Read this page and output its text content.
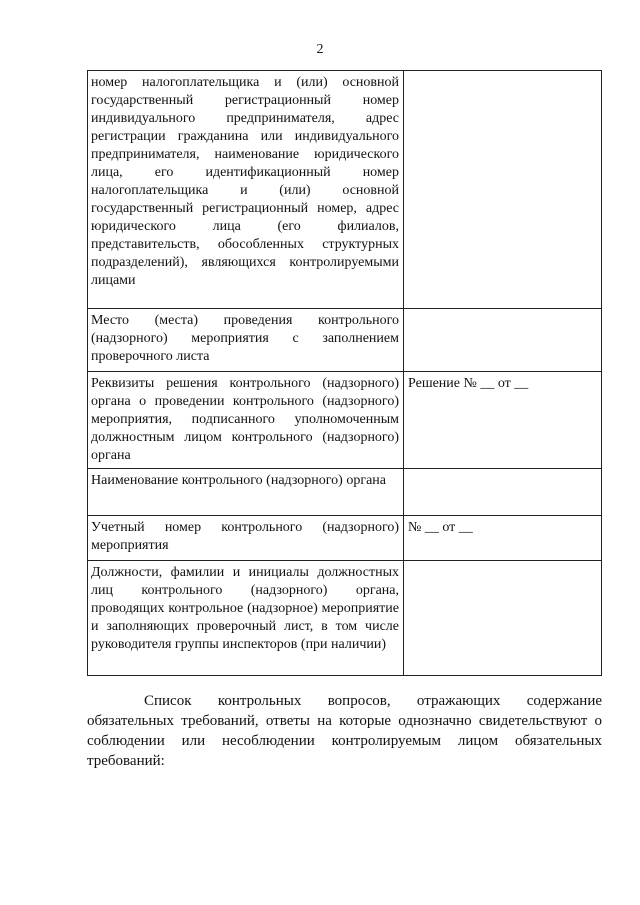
2
номер налогоплательщика и (или) основной государственный регистрационный номер индивидуального предпринимателя, адрес регистрации гражданина или индивидуального предпринимателя, наименование юридического лица, его идентификационный номер налогоплательщика и (или) основной государственный регистрационный номер, адрес юридического лица (его филиалов, представительств, обособленных структурных подразделений), являющихся контролируемыми лицами	
Место (места) проведения контрольного (надзорного) мероприятия с заполнением проверочного листа	
Реквизиты решения контрольного (надзорного) органа о проведении контрольного (надзорного) мероприятия, подписанного уполномоченным должностным лицом контрольного (надзорного) органа	Решение № __ от __
Наименование контрольного (надзорного) органа	
Учетный номер контрольного (надзорного) мероприятия	№ __ от __
Должности, фамилии и инициалы должностных лиц контрольного (надзорного) органа, проводящих контрольное (надзорное) мероприятие и заполняющих проверочный лист, в том числе руководителя группы инспекторов (при наличии)	

Список контрольных вопросов, отражающих содержание обязательных требований, ответы на которые однозначно свидетельствуют о соблюдении или несоблюдении контролируемым лицом обязательных требований:
